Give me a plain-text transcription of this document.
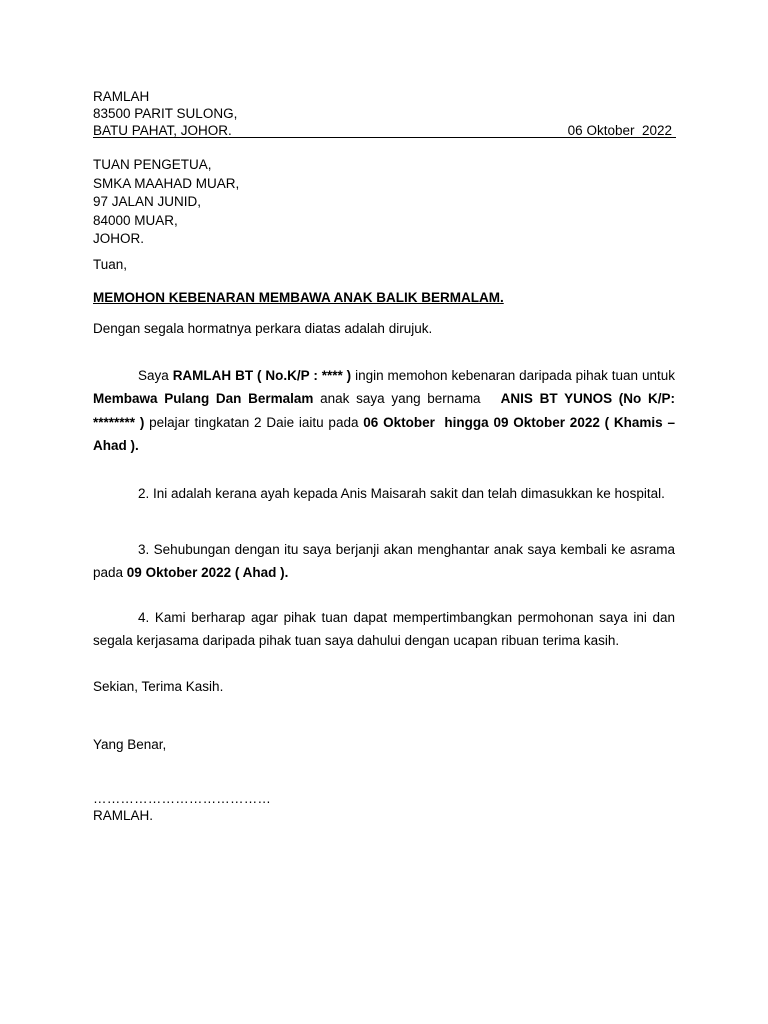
RAMLAH
83500 PARIT SULONG,
BATU PAHAT, JOHOR.	06 Oktober  2022
TUAN PENGETUA,
SMKA MAAHAD MUAR,
97 JALAN JUNID,
84000 MUAR,
JOHOR.
Tuan,
MEMOHON KEBENARAN MEMBAWA ANAK BALIK BERMALAM.
Dengan segala hormatnya perkara diatas adalah dirujuk.
Saya RAMLAH BT ( No.K/P : **** ) ingin memohon kebenaran daripada pihak tuan untuk Membawa Pulang Dan Bermalam anak saya yang bernama   ANIS BT YUNOS (No K/P: ******** ) pelajar tingkatan 2 Daie iaitu pada 06 Oktober  hingga 09 Oktober 2022 ( Khamis – Ahad ).
2. Ini adalah kerana ayah kepada Anis Maisarah sakit dan telah dimasukkan ke hospital.
3. Sehubungan dengan itu saya berjanji akan menghantar anak saya kembali ke asrama pada 09 Oktober 2022 ( Ahad ).
4. Kami berharap agar pihak tuan dapat mempertimbangkan permohonan saya ini dan segala kerjasama daripada pihak tuan saya dahului dengan ucapan ribuan terima kasih.
Sekian, Terima Kasih.
Yang Benar,
…………………………………
RAMLAH.
